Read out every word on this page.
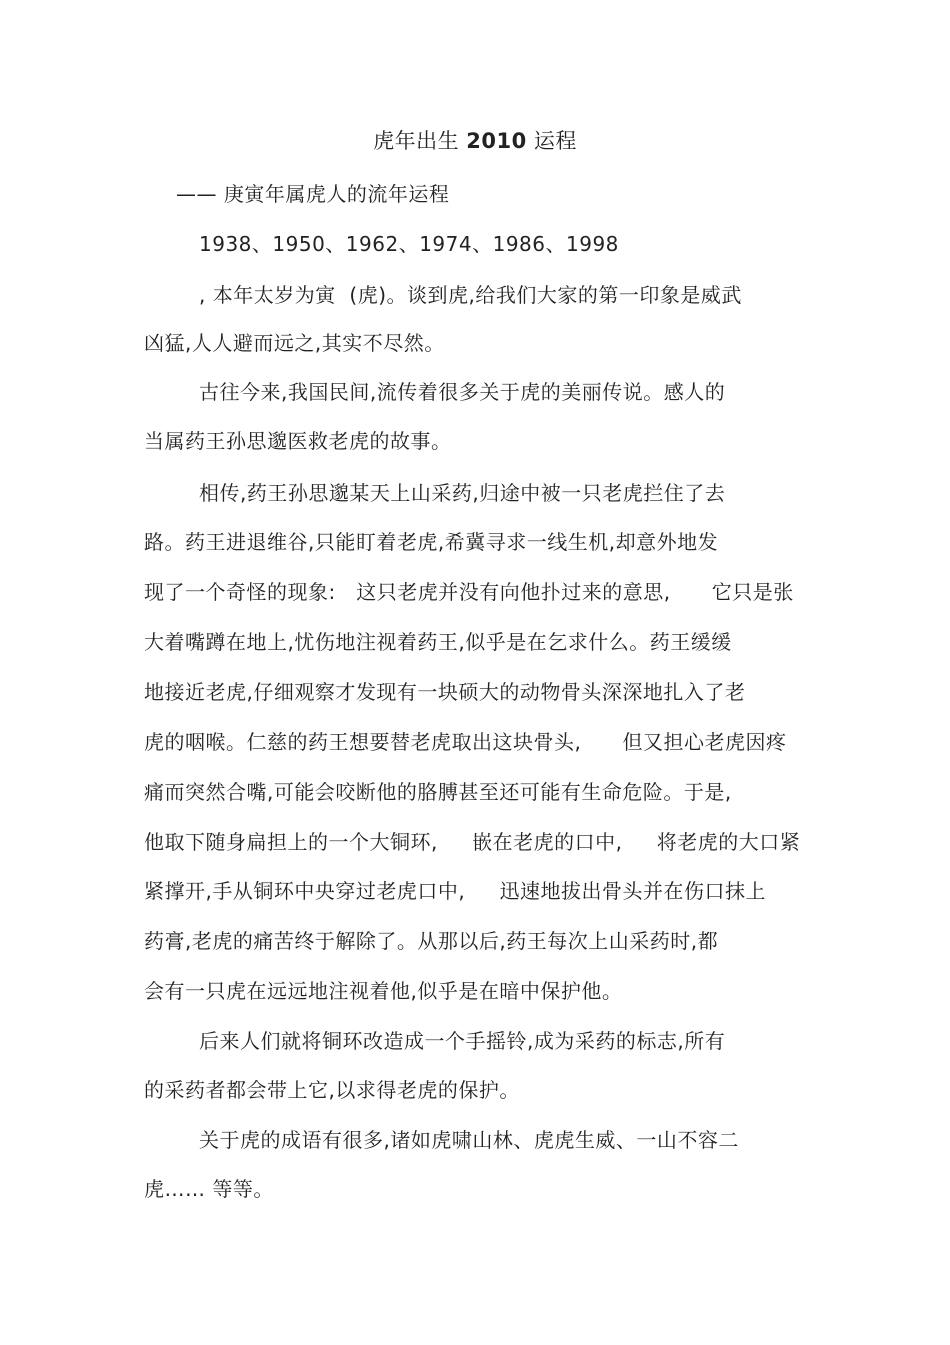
虎年出生 2010 运程
—— 庚寅年属虎人的流年运程
1938、1950、1962、1974、1986、1998
, 本年太岁为寅  (虎)。谈到虎,给我们大家的第一印象是威武
凶猛,人人避而远之,其实不尽然。
古往今来,我国民间,流传着很多关于虎的美丽传说。感人的
当属药王孙思邈医救老虎的故事。
相传,药王孙思邈某天上山采药,归途中被一只老虎拦住了去
路。药王进退维谷,只能盯着老虎,希冀寻求一线生机,却意外地发
现了一个奇怪的现象:   这只老虎并没有向他扑过来的意思,      它只是张
大着嘴蹲在地上,忧伤地注视着药王,似乎是在乞求什么。药王缓缓
地接近老虎,仔细观察才发现有一块硕大的动物骨头深深地扎入了老
虎的咽喉。仁慈的药王想要替老虎取出这块骨头,      但又担心老虎因疼
痛而突然合嘴,可能会咬断他的胳膊甚至还可能有生命危险。于是,
他取下随身扁担上的一个大铜环,     嵌在老虎的口中,     将老虎的大口紧
紧撑开,手从铜环中央穿过老虎口中,     迅速地拔出骨头并在伤口抹上
药膏,老虎的痛苦终于解除了。从那以后,药王每次上山采药时,都
会有一只虎在远远地注视着他,似乎是在暗中保护他。
后来人们就将铜环改造成一个手摇铃,成为采药的标志,所有
的采药者都会带上它,以求得老虎的保护。
关于虎的成语有很多,诸如虎啸山林、虎虎生威、一山不容二
虎…… 等等。
